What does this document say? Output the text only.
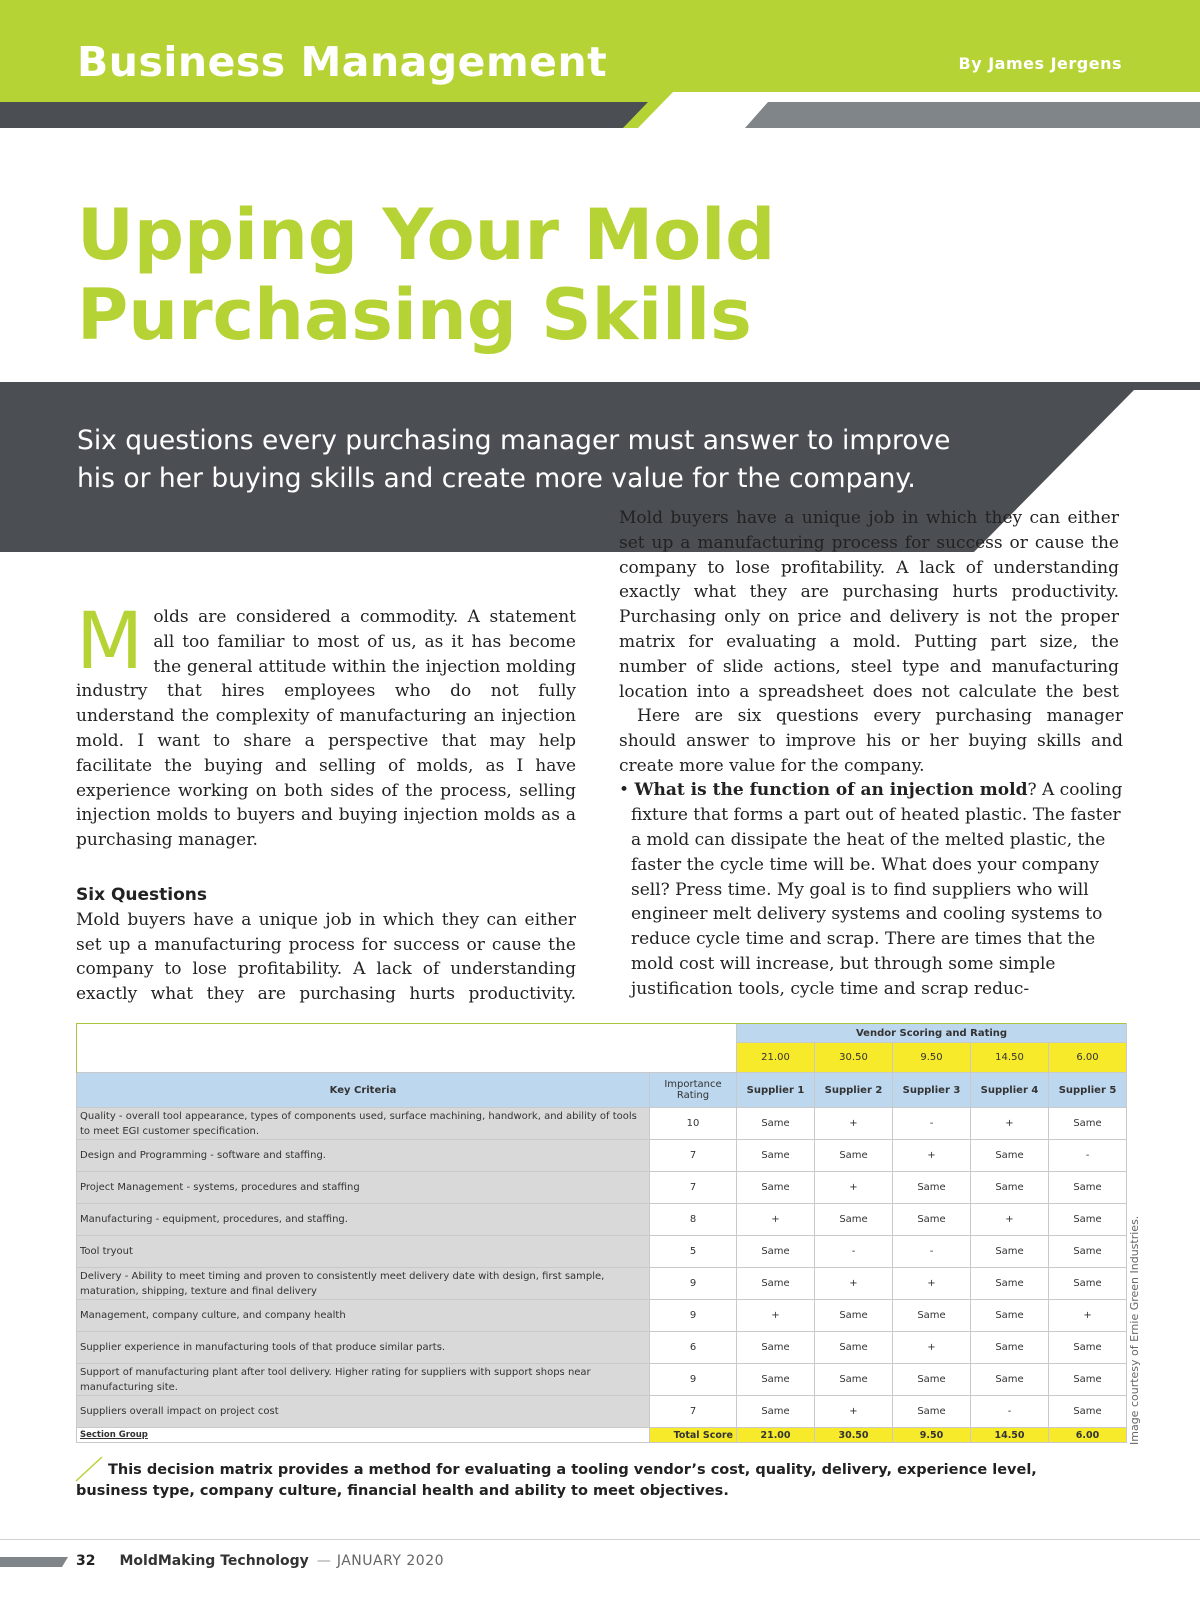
Business Management	By James Jergens
Upping Your Mold
Purchasing Skills

Six questions every purchasing manager must answer to improve his or her buying skills and create more value for the company.

Molds are considered a commodity. A statement all too familiar to most of us, as it has become the general attitude within the injection molding industry that hires employees who do not fully understand the complexity of manufacturing an injection mold. I want to share a perspective that may help facilitate the buying and selling of molds, as I have experience working on both sides of the process, selling injection molds to buyers and buying injection molds as a purchasing manager.

Six Questions

Mold buyers have a unique job in which they can either set up a manufacturing process for success or cause the company to lose profitability. A lack of understanding exactly what they are purchasing hurts productivity.

Mold buyers have a unique job in which they can either set up a manufacturing process for success or cause the company to lose profitability. A lack of understanding exactly what they are purchasing hurts productivity. Purchasing only on price and delivery is not the proper matrix for evaluating a mold. Putting part size, the number of slide actions, steel type and manufacturing location into a spreadsheet does not calculate the best

Here are six questions every purchasing manager should answer to improve his or her buying skills and create more value for the company.

• What is the function of an injection mold? A cooling fixture that forms a part out of heated plastic. The faster a mold can dissipate the heat of the melted plastic, the faster the cycle time will be. What does your company sell? Press time. My goal is to find suppliers who will engineer melt delivery systems and cooling systems to reduce cycle time and scrap. There are times that the mold cost will increase, but through some simple justification tools, cycle time and scrap reduc-

		Vendor Scoring and Rating				
		21.00	30.50	9.50	14.50	6.00
Key Criteria	Importance Rating	Supplier 1	Supplier 2	Supplier 3	Supplier 4	Supplier 5
Quality - overall tool appearance, types of components used, surface machining, handwork, and ability of tools to meet EGI customer specification.	10	Same	+	-	+	Same
Design and Programming - software and staffing.	7	Same	Same	+	Same	-
Project Management - systems, procedures and staffing	7	Same	+	Same	Same	Same
Manufacturing - equipment, procedures, and staffing.	8	+	Same	Same	+	Same
Tool tryout	5	Same	-	-	Same	Same
Delivery - Ability to meet timing and proven to consistently meet delivery date with design, first sample, maturation, shipping, texture and final delivery	9	Same	+	+	Same	Same
Management, company culture, and company health	9	+	Same	Same	Same	+
Supplier experience in manufacturing tools of that produce similar parts.	6	Same	Same	+	Same	Same
Support of manufacturing plant after tool delivery. Higher rating for suppliers with support shops near manufacturing site.	9	Same	Same	Same	Same	Same
Suppliers overall impact on project cost	7	Same	+	Same	-	Same
Section Group	Total Score	21.00	30.50	9.50	14.50	6.00	Image courtesy of Ernie Green Industries.

This decision matrix provides a method for evaluating a tooling vendor’s cost, quality, delivery, experience level, business type, company culture, financial health and ability to meet objectives.

32 MoldMaking Technology — JANUARY 2020
